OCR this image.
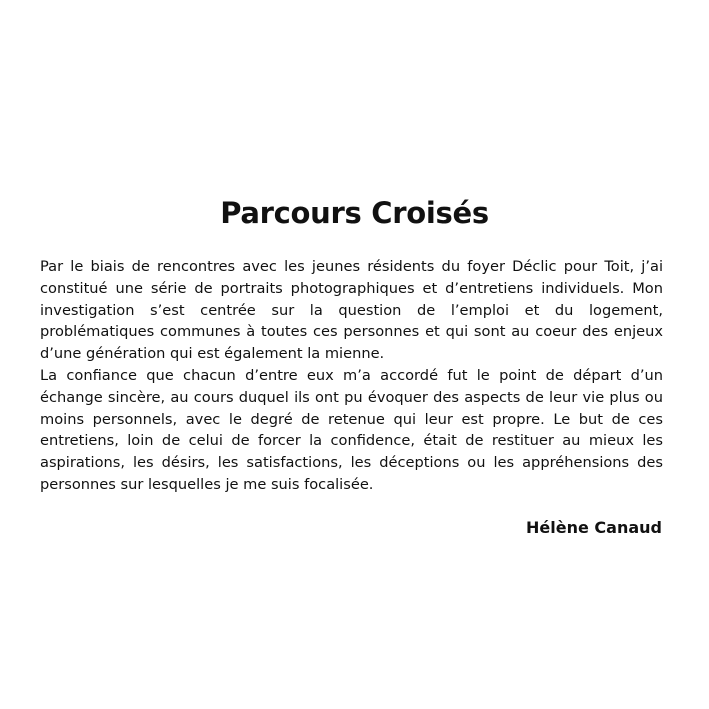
Parcours Croisés

Par le biais de rencontres avec les jeunes résidents du foyer Déclic pour Toit, j’ai constitué une série de portraits photographiques et d’entretiens individuels. Mon investigation s’est centrée sur la question de l’emploi et du logement, problématiques communes à toutes ces personnes et qui sont au coeur des enjeux d’une génération qui est également la mienne.

La confiance que chacun d’entre eux m’a accordé fut le point de départ d’un échange sincère, au cours duquel ils ont pu évoquer des aspects de leur vie plus ou moins personnels, avec le degré de retenue qui leur est propre. Le but de ces entretiens, loin de celui de forcer la confidence, était de restituer au mieux les aspirations, les désirs, les satisfactions, les déceptions ou les appréhensions des personnes sur lesquelles je me suis focalisée.

Hélène Canaud
